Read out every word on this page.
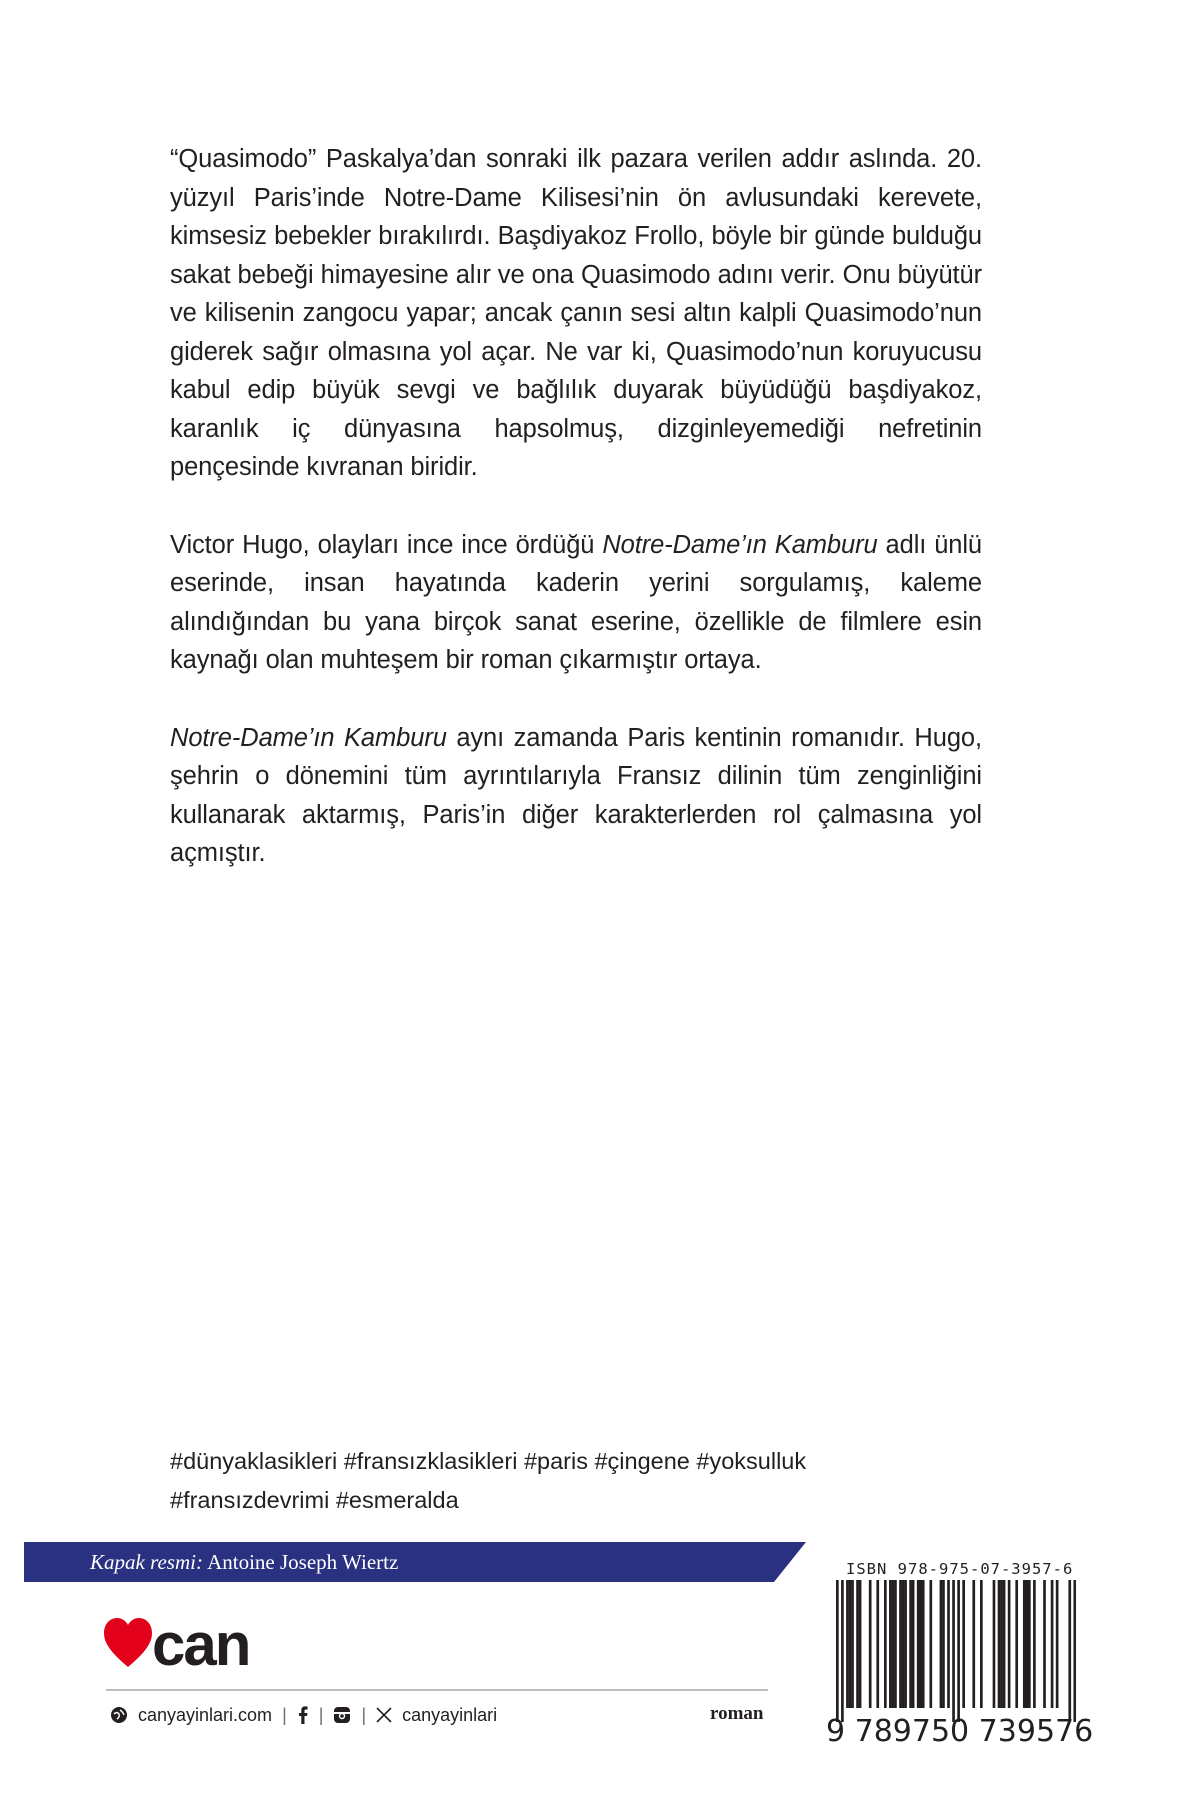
“Quasimodo” Paskalya’dan sonraki ilk pazara verilen addır aslında. 20. yüzyıl Paris’inde Notre-Dame Kilisesi’nin ön avlusundaki kerevete, kimsesiz bebekler bırakılırdı. Başdiyakoz Frollo, böyle bir günde bulduğu sakat bebeği himayesine alır ve ona Quasimodo adını verir. Onu büyütür ve kilisenin zangocu yapar; ancak çanın sesi altın kalpli Quasimodo’nun giderek sağır olmasına yol açar. Ne var ki, Quasimodo’nun koruyucusu kabul edip büyük sevgi ve bağlılık duyarak büyüdüğü başdiyakoz, karanlık iç dünyasına hapsolmuş, dizginleyemediği nefretinin pençesinde kıvranan biridir.

Victor Hugo, olayları ince ince ördüğü Notre-Dame’ın Kamburu adlı ünlü eserinde, insan hayatında kaderin yerini sorgulamış, kaleme alındığından bu yana birçok sanat eserine, özellikle de filmlere esin kaynağı olan muhteşem bir roman çıkarmıştır ortaya.

Notre-Dame’ın Kamburu aynı zamanda Paris kentinin romanıdır. Hugo, şehrin o dönemini tüm ayrıntılarıyla Fransız dilinin tüm zenginliğini kullanarak aktarmış, Paris’in diğer karakterlerden rol çalmasına yol açmıştır.

#dünyaklasikleri #fransızklasikleri #paris #çingene #yoksulluk
#fransızdevrimi #esmeralda
Kapak resmi: Antoine Joseph Wiertz
can
canyayinlari.com | | | canyayinlari	roman
ISBN 978-975-07-3957-6
9 789750 739576
